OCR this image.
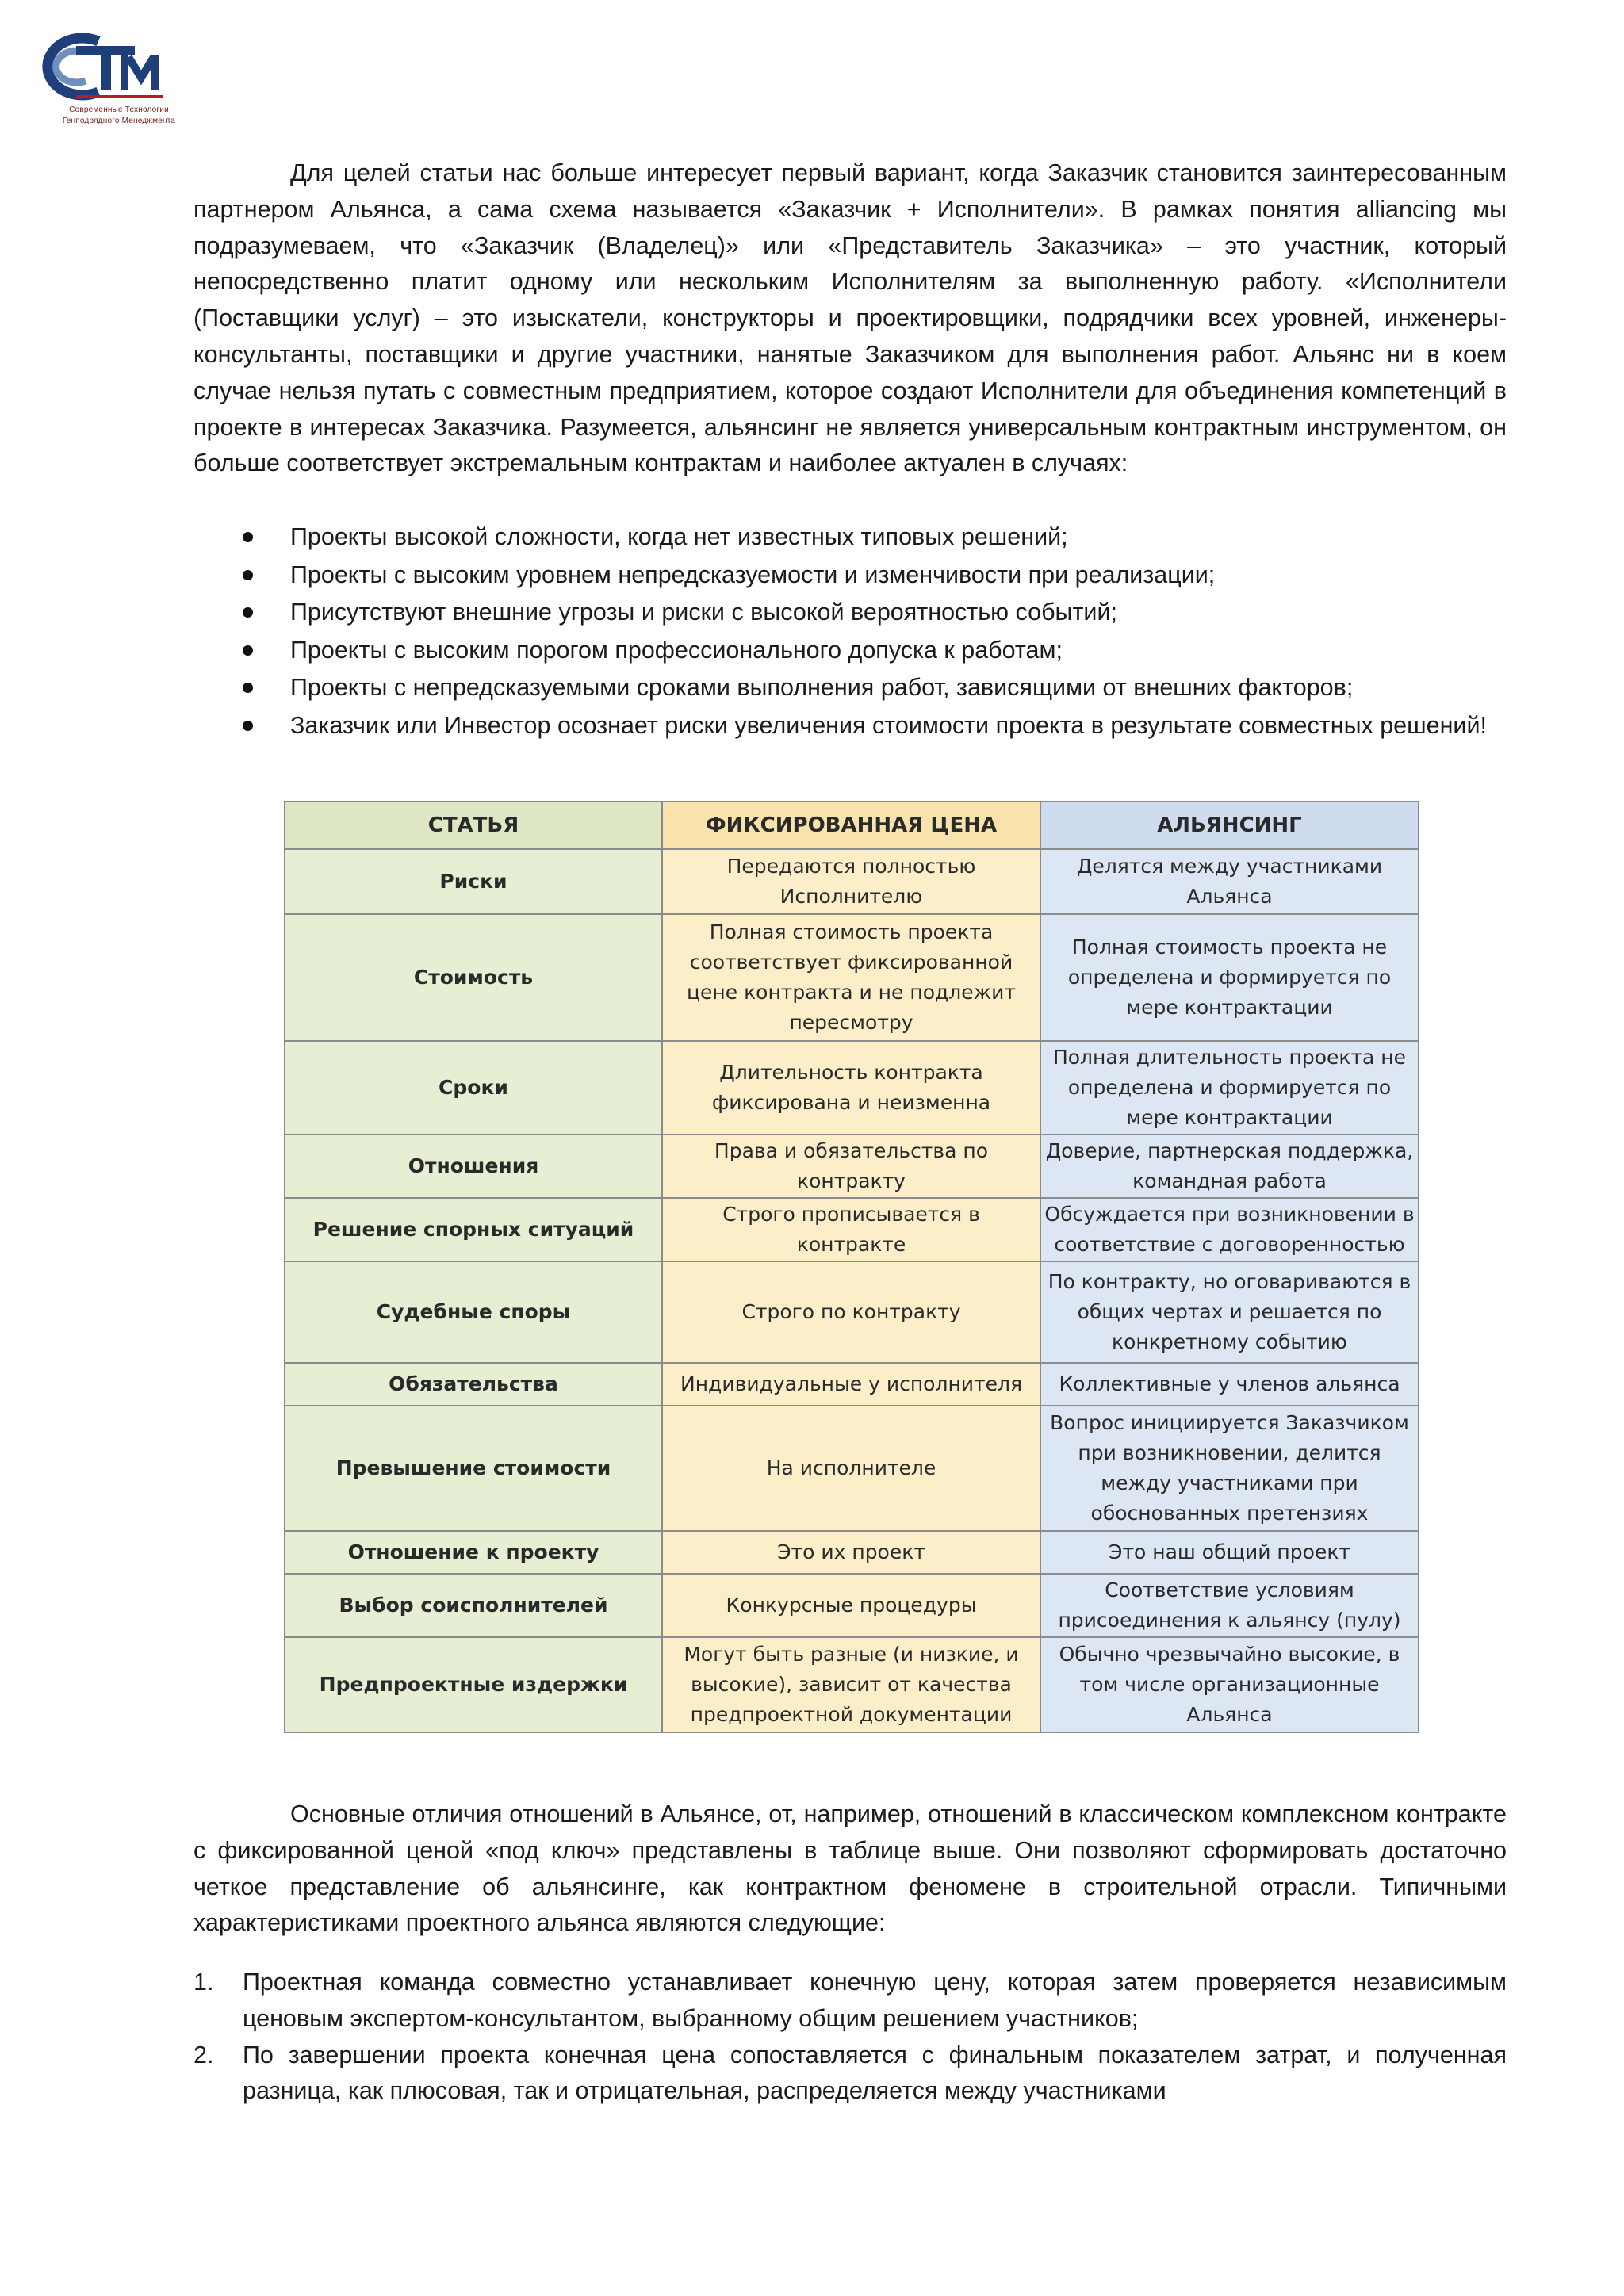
Современные Технологии
Генподрядного Менеджмента

Для целей статьи нас больше интересует первый вариант, когда Заказчик становится заинтересованным партнером Альянса, а сама схема называется «Заказчик + Исполнители». В рамках понятия alliancing мы подразумеваем, что «Заказчик (Владелец)» или «Представитель Заказчика» – это участник, который непосредственно платит одному или нескольким Исполнителям за выполненную работу. «Исполнители (Поставщики услуг) – это изыскатели, конструкторы и проектировщики, подрядчики всех уровней, инженеры-консультанты, поставщики и другие участники, нанятые Заказчиком для выполнения работ. Альянс ни в коем случае нельзя путать с совместным предприятием, которое создают Исполнители для объединения компетенций в проекте в интересах Заказчика. Разумеется, альянсинг не является универсальным контрактным инструментом, он больше соответствует экстремальным контрактам и наиболее актуален в случаях:

Проекты высокой сложности, когда нет известных типовых решений;
Проекты с высоким уровнем непредсказуемости и изменчивости при реализации;
Присутствуют внешние угрозы и риски с высокой вероятностью событий;
Проекты с высоким порогом профессионального допуска к работам;
Проекты с непредсказуемыми сроками выполнения работ, зависящими от внешних факторов;
Заказчик или Инвестор осознает риски увеличения стоимости проекта в результате совместных решений!
СТАТЬЯ	ФИКСИРОВАННАЯ ЦЕНА	АЛЬЯНСИНГ
Риски	Передаются полностью Исполнителю	Делятся между участниками Альянса
Стоимость	Полная стоимость проекта соответствует фиксированной цене контракта и не подлежит пересмотру	Полная стоимость проекта не определена и формируется по мере контрактации
Сроки	Длительность контракта фиксирована и неизменна	Полная длительность проекта не определена и формируется по мере контрактации
Отношения	Права и обязательства по контракту	Доверие, партнерская поддержка, командная работа
Решение спорных ситуаций	Строго прописывается в контракте	Обсуждается при возникновении в соответствие с договоренностью
Судебные споры	Строго по контракту	По контракту, но оговариваются в общих чертах и решается по конкретному событию
Обязательства	Индивидуальные у исполнителя	Коллективные у членов альянса
Превышение стоимости	На исполнителе	Вопрос инициируется Заказчиком при возникновении, делится между участниками при обоснованных претензиях
Отношение к проекту	Это их проект	Это наш общий проект
Выбор соисполнителей	Конкурсные процедуры	Соответствие условиям присоединения к альянсу (пулу)
Предпроектные издержки	Могут быть разные (и низкие, и высокие), зависит от качества предпроектной документации	Обычно чрезвычайно высокие, в том числе организационные Альянса

Основные отличия отношений в Альянсе, от, например, отношений в классическом комплексном контракте с фиксированной ценой «под ключ» представлены в таблице выше. Они позволяют сформировать достаточно четкое представление об альянсинге, как контрактном феномене в строительной отрасли. Типичными характеристиками проектного альянса являются следующие:

1. Проектная команда совместно устанавливает конечную цену, которая затем проверяется независимым ценовым экспертом-консультантом, выбранному общим решением участников;
2. По завершении проекта конечная цена сопоставляется с финальным показателем затрат, и полученная разница, как плюсовая, так и отрицательная, распределяется между участниками
